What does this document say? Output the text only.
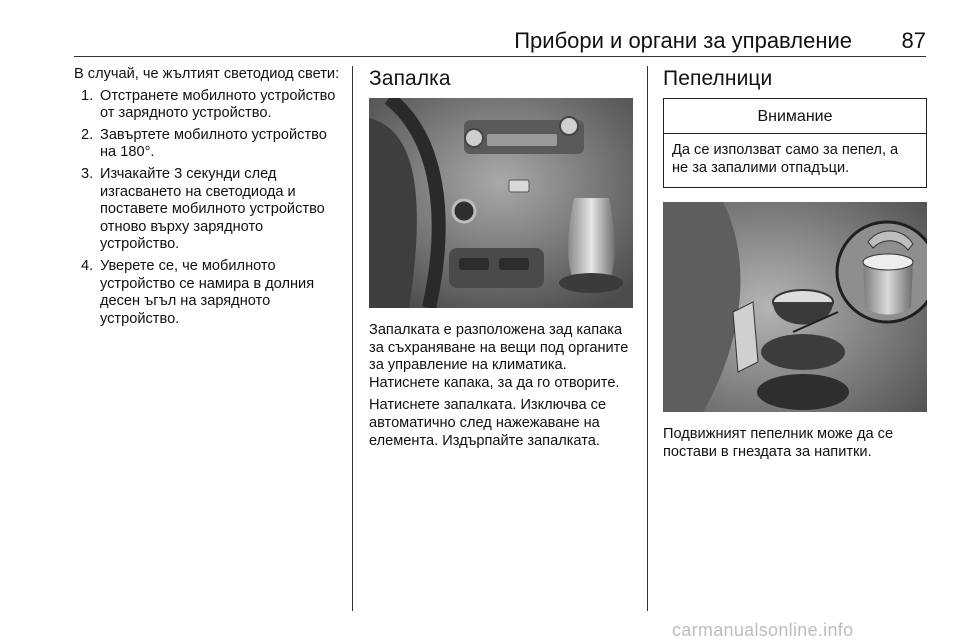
Прибори и органи за управление 87

В случай, че жълтият светодиод свети:

1. Отстранете мобилното устройство от зарядното устройство.
2. Завъртете мобилното устройство на 180°.
3. Изчакайте 3 секунди след изгасването на светодиода и поставете мобилното устройство отново върху зарядното устройство.
4. Уверете се, че мобилното устройство се намира в долния десен ъгъл на зарядното устройство.
Запалка

Запалката е разположена зад капака за съхраняване на вещи под органите за управление на климатика. Натиснете капака, за да го отворите.

Натиснете запалката. Изключва се автоматично след нажежаване на елемента. Издърпайте запалката.

Пепелници
Внимание
Да се използват само за пепел, а не за запалими отпадъци.

Подвижният пепелник може да се постави в гнездата за напитки.

carmanualsonline.info
